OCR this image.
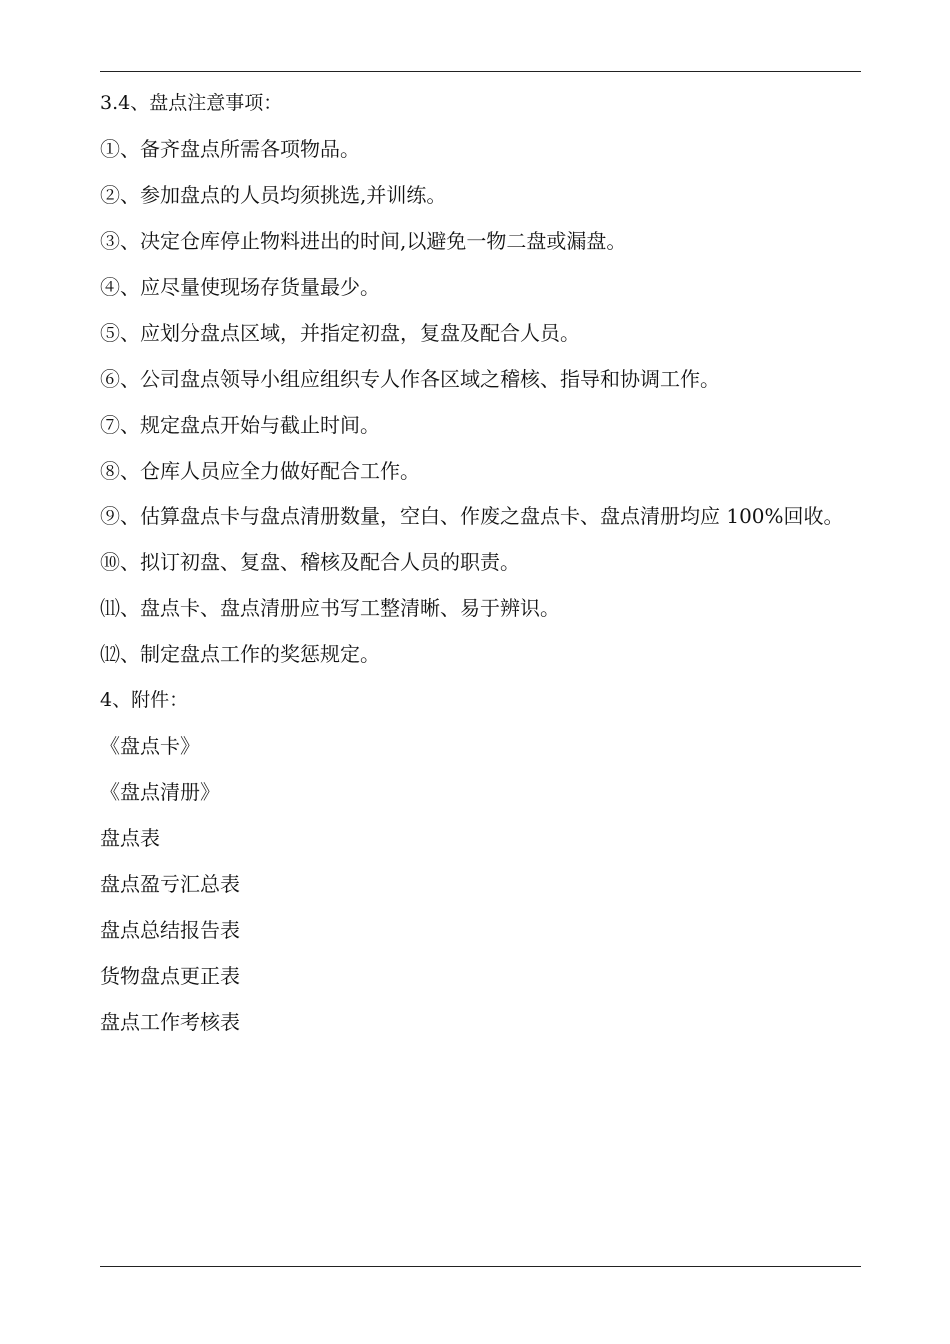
3.4、盘点注意事项：
①、备齐盘点所需各项物品。
②、参加盘点的人员均须挑选,并训练。
③、决定仓库停止物料进出的时间,以避免一物二盘或漏盘。
④、应尽量使现场存货量最少。
⑤、应划分盘点区域，并指定初盘，复盘及配合人员。
⑥、公司盘点领导小组应组织专人作各区域之稽核、指导和协调工作。
⑦、规定盘点开始与截止时间。
⑧、仓库人员应全力做好配合工作。
⑨、估算盘点卡与盘点清册数量，空白、作废之盘点卡、盘点清册均应 100%回收。
⑩、拟订初盘、复盘、稽核及配合人员的职责。
⑾、盘点卡、盘点清册应书写工整清晰、易于辨识。
⑿、制定盘点工作的奖惩规定。
4、附件：
《盘点卡》
《盘点清册》
盘点表
盘点盈亏汇总表
盘点总结报告表
货物盘点更正表
盘点工作考核表
